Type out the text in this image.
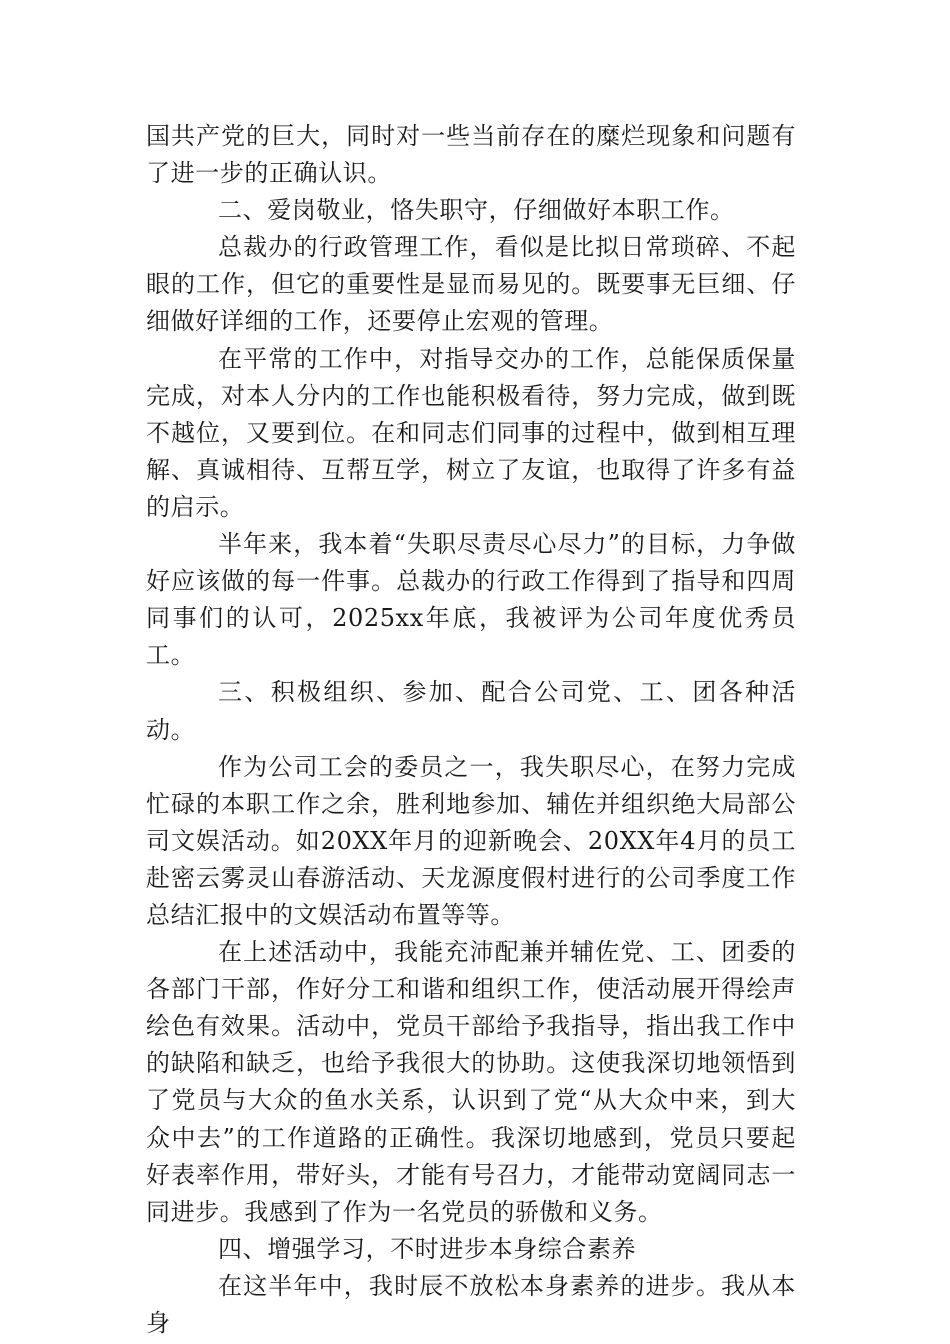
国共产党的巨大，同时对一些当前存在的糜烂现象和问题有了进一步的正确认识。

二、爱岗敬业，恪失职守，仔细做好本职工作。

总裁办的行政管理工作，看似是比拟日常琐碎、不起眼的工作，但它的重要性是显而易见的。既要事无巨细、仔细做好详细的工作，还要停止宏观的管理。

在平常的工作中，对指导交办的工作，总能保质保量完成，对本人分内的工作也能积极看待，努力完成，做到既不越位，又要到位。在和同志们同事的过程中，做到相互理解、真诚相待、互帮互学，树立了友谊，也取得了许多有益的启示。

半年来，我本着“失职尽责尽心尽力”的目标，力争做好应该做的每一件事。总裁办的行政工作得到了指导和四周同事们的认可，2025xx年底，我被评为公司年度优秀员工。

三、积极组织、参加、配合公司党、工、团各种活动。

作为公司工会的委员之一，我失职尽心，在努力完成忙碌的本职工作之余，胜利地参加、辅佐并组织绝大局部公司文娱活动。如20XX年月的迎新晚会、20XX年4月的员工赴密云雾灵山春游活动、天龙源度假村进行的公司季度工作总结汇报中的文娱活动布置等等。

在上述活动中，我能充沛配兼并辅佐党、工、团委的各部门干部，作好分工和谐和组织工作，使活动展开得绘声绘色有效果。活动中，党员干部给予我指导，指出我工作中的缺陷和缺乏，也给予我很大的协助。这使我深切地领悟到了党员与大众的鱼水关系，认识到了党“从大众中来，到大众中去”的工作道路的正确性。我深切地感到，党员只要起好表率作用，带好头，才能有号召力，才能带动宽阔同志一同进步。我感到了作为一名党员的骄傲和义务。

四、增强学习，不时进步本身综合素养

在这半年中，我时辰不放松本身素养的进步。我从本身
